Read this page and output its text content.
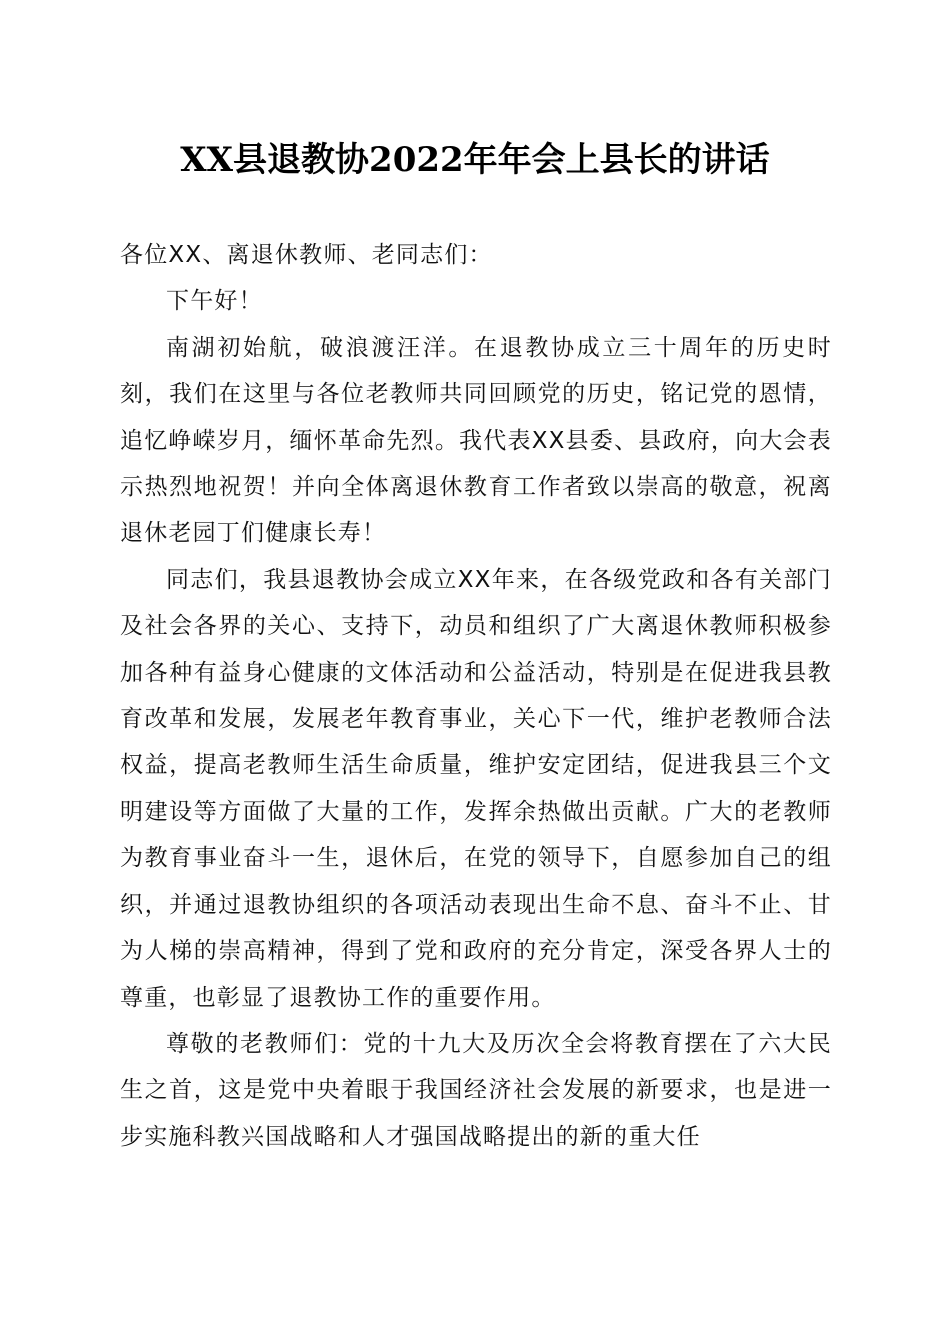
XX县退教协2022年年会上县长的讲话

各位XX、离退休教师、老同志们：

下午好！

南湖初始航，破浪渡汪洋。在退教协成立三十周年的历史时刻，我们在这里与各位老教师共同回顾党的历史，铭记党的恩情，追忆峥嵘岁月，缅怀革命先烈。我代表XX县委、县政府，向大会表示热烈地祝贺！并向全体离退休教育工作者致以崇高的敬意，祝离退休老园丁们健康长寿！

同志们，我县退教协会成立XX年来，在各级党政和各有关部门及社会各界的关心、支持下，动员和组织了广大离退休教师积极参加各种有益身心健康的文体活动和公益活动，特别是在促进我县教育改革和发展，发展老年教育事业，关心下一代，维护老教师合法权益，提高老教师生活生命质量，维护安定团结，促进我县三个文明建设等方面做了大量的工作，发挥余热做出贡献。广大的老教师为教育事业奋斗一生，退休后，在党的领导下，自愿参加自己的组织，并通过退教协组织的各项活动表现出生命不息、奋斗不止、甘为人梯的崇高精神，得到了党和政府的充分肯定，深受各界人士的尊重，也彰显了退教协工作的重要作用。

尊敬的老教师们：党的十九大及历次全会将教育摆在了六大民生之首，这是党中央着眼于我国经济社会发展的新要求，也是进一步实施科教兴国战略和人才强国战略提出的新的重大任
